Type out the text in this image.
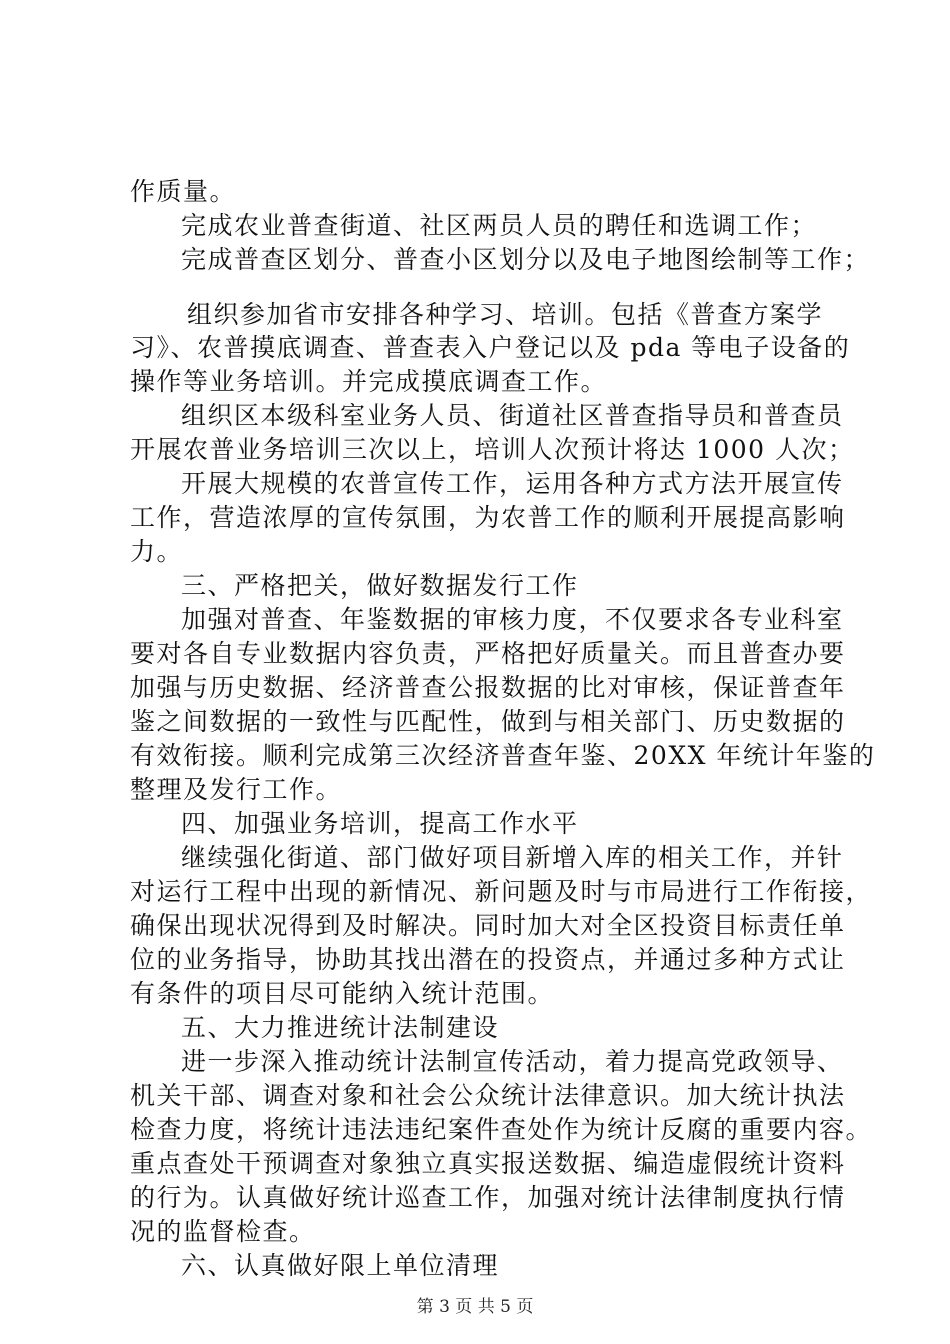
作质量。
完成农业普查街道、社区两员人员的聘任和选调工作；
完成普查区划分、普查小区划分以及电子地图绘制等工作；
组织参加省市安排各种学习、培训。包括《普查方案学
习》、农普摸底调查、普查表入户登记以及 pda 等电子设备的
操作等业务培训。并完成摸底调查工作。
组织区本级科室业务人员、街道社区普查指导员和普查员
开展农普业务培训三次以上，培训人次预计将达 1000 人次；
开展大规模的农普宣传工作，运用各种方式方法开展宣传
工作，营造浓厚的宣传氛围，为农普工作的顺利开展提高影响
力。
三、严格把关，做好数据发行工作
加强对普查、年鉴数据的审核力度，不仅要求各专业科室
要对各自专业数据内容负责，严格把好质量关。而且普查办要
加强与历史数据、经济普查公报数据的比对审核，保证普查年
鉴之间数据的一致性与匹配性，做到与相关部门、历史数据的
有效衔接。顺利完成第三次经济普查年鉴、20XX 年统计年鉴的
整理及发行工作。
四、加强业务培训，提高工作水平
继续强化街道、部门做好项目新增入库的相关工作，并针
对运行工程中出现的新情况、新问题及时与市局进行工作衔接，
确保出现状况得到及时解决。同时加大对全区投资目标责任单
位的业务指导，协助其找出潜在的投资点，并通过多种方式让
有条件的项目尽可能纳入统计范围。
五、大力推进统计法制建设
进一步深入推动统计法制宣传活动，着力提高党政领导、
机关干部、调查对象和社会公众统计法律意识。加大统计执法
检查力度，将统计违法违纪案件查处作为统计反腐的重要内容。
重点查处干预调查对象独立真实报送数据、编造虚假统计资料
的行为。认真做好统计巡查工作，加强对统计法律制度执行情
况的监督检查。
六、认真做好限上单位清理
第 3 页 共 5 页
